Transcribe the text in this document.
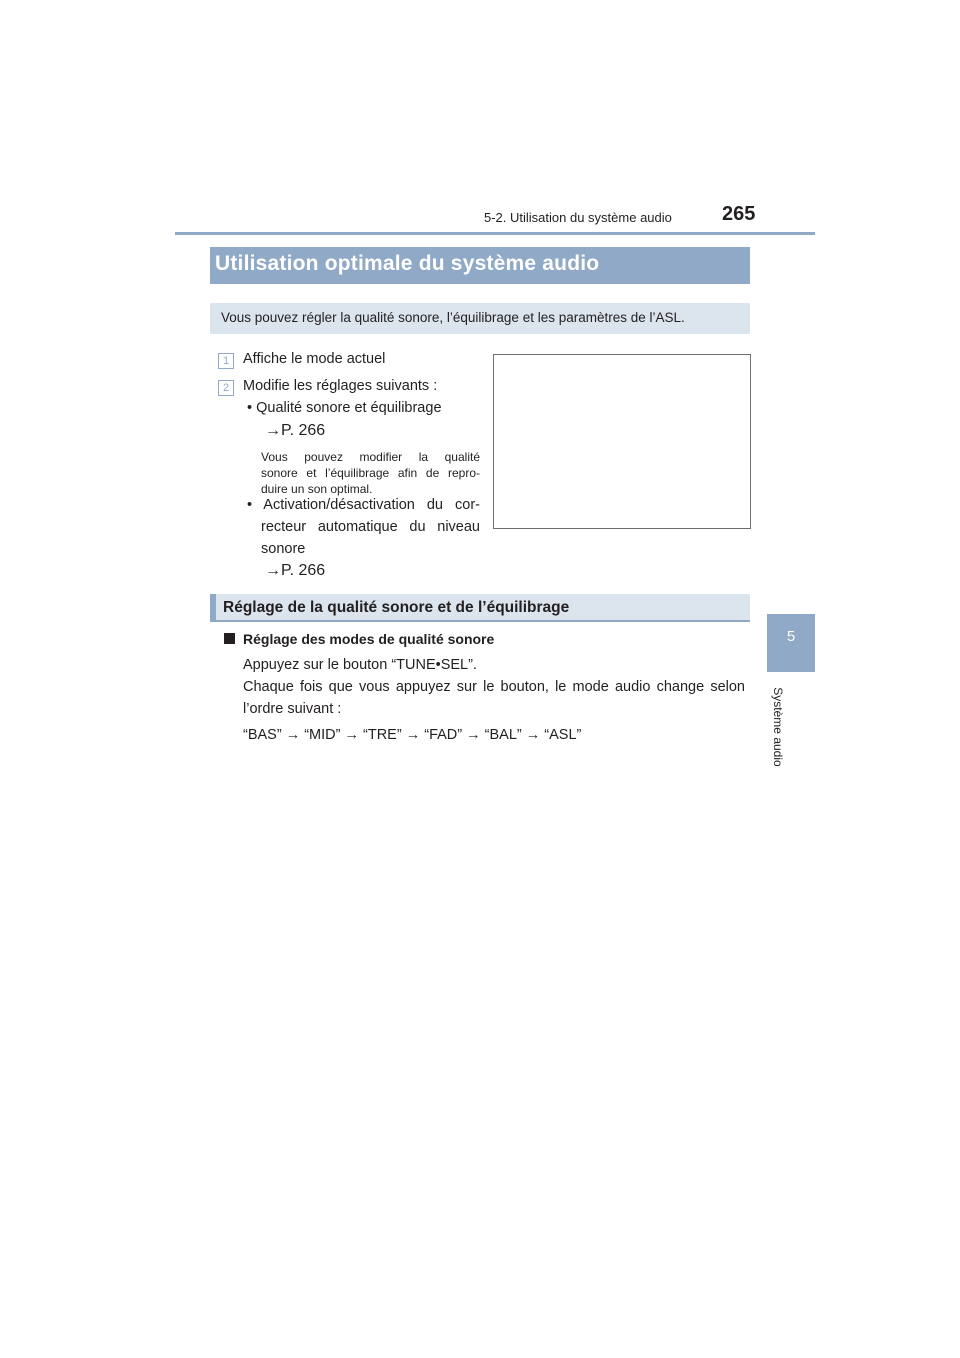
5-2. Utilisation du système audio	265
5
Système audio
Utilisation optimale du système audio
Vous pouvez régler la qualité sonore, l’équilibrage et les paramètres de l’ASL.
1 Affiche le mode actuel
2 Modifie les réglages suivants :
• Qualité sonore et équilibrage
→P. 266
Vous pouvez modifier la qualité
sonore et l’équilibrage afin de repro-
duire un son optimal.
• Activation/désactivation du cor-
recteur automatique du niveau
sonore
→P. 266
Réglage de la qualité sonore et de l’équilibrage
Réglage des modes de qualité sonore
Appuyez sur le bouton “TUNE•SEL”.
Chaque fois que vous appuyez sur le bouton, le mode audio change selon
l’ordre suivant :
“BAS” → “MID” → “TRE” → “FAD” → “BAL” → “ASL”
